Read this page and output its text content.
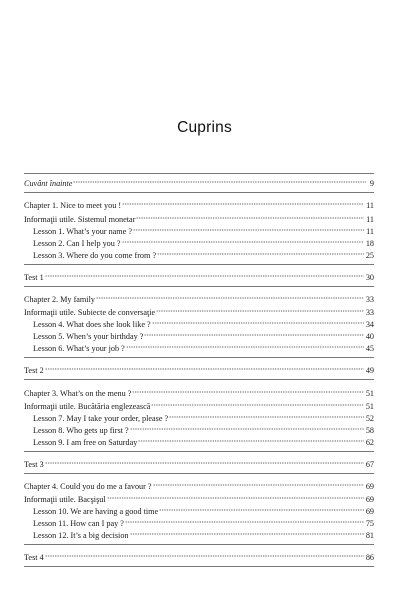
Cuprins
Cuvânt înainte	9
Chapter 1. Nice to meet you !	11
Informaţii utile. Sistemul monetar	11
Lesson 1. What’s your name ?	11
Lesson 2. Can I help you ?	18
Lesson 3. Where do you come from ?	25
Test 1	30
Chapter 2. My family	33
Informaţii utile. Subiecte de conversaţie	33
Lesson 4. What does she look like ?	34
Lesson 5. When’s your birthday ?	40
Lesson 6. What’s your job ?	45
Test 2	49
Chapter 3. What’s on the menu ?	51
Informaţii utile. Bucătăria englezească	51
Lesson 7. May I take your order, please ?	52
Lesson 8. Who gets up first ?	58
Lesson 9. I am free on Saturday	62
Test 3	67
Chapter 4. Could you do me a favour ?	69
Informaţii utile. Bacşişul	69
Lesson 10. We are having a good time	69
Lesson 11. How can I pay ?	75
Lesson 12. It’s a big decision	81
Test 4	86
